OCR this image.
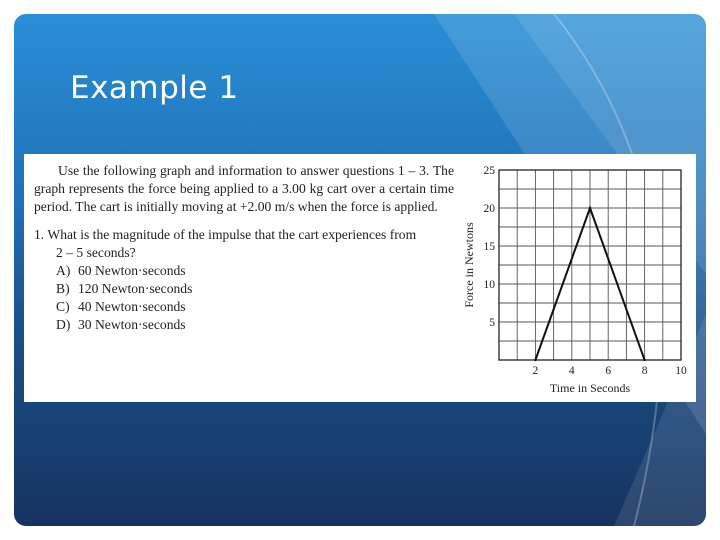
Example 1

Use the following graph and information to answer questions 1 – 3. The graph represents the force being applied to a 3.00 kg cart over a certain time period. The cart is initially moving at +2.00 m/s when the force is applied.

1. What is the magnitude of the impulse that the cart experiences from
2 – 5 seconds?

A) 60 Newton·seconds
B) 120 Newton·seconds
C) 40 Newton·seconds
D) 30 Newton·seconds	5
10
15
20
25
2	4	6	8 10
Time in Seconds
Force in Newtons
